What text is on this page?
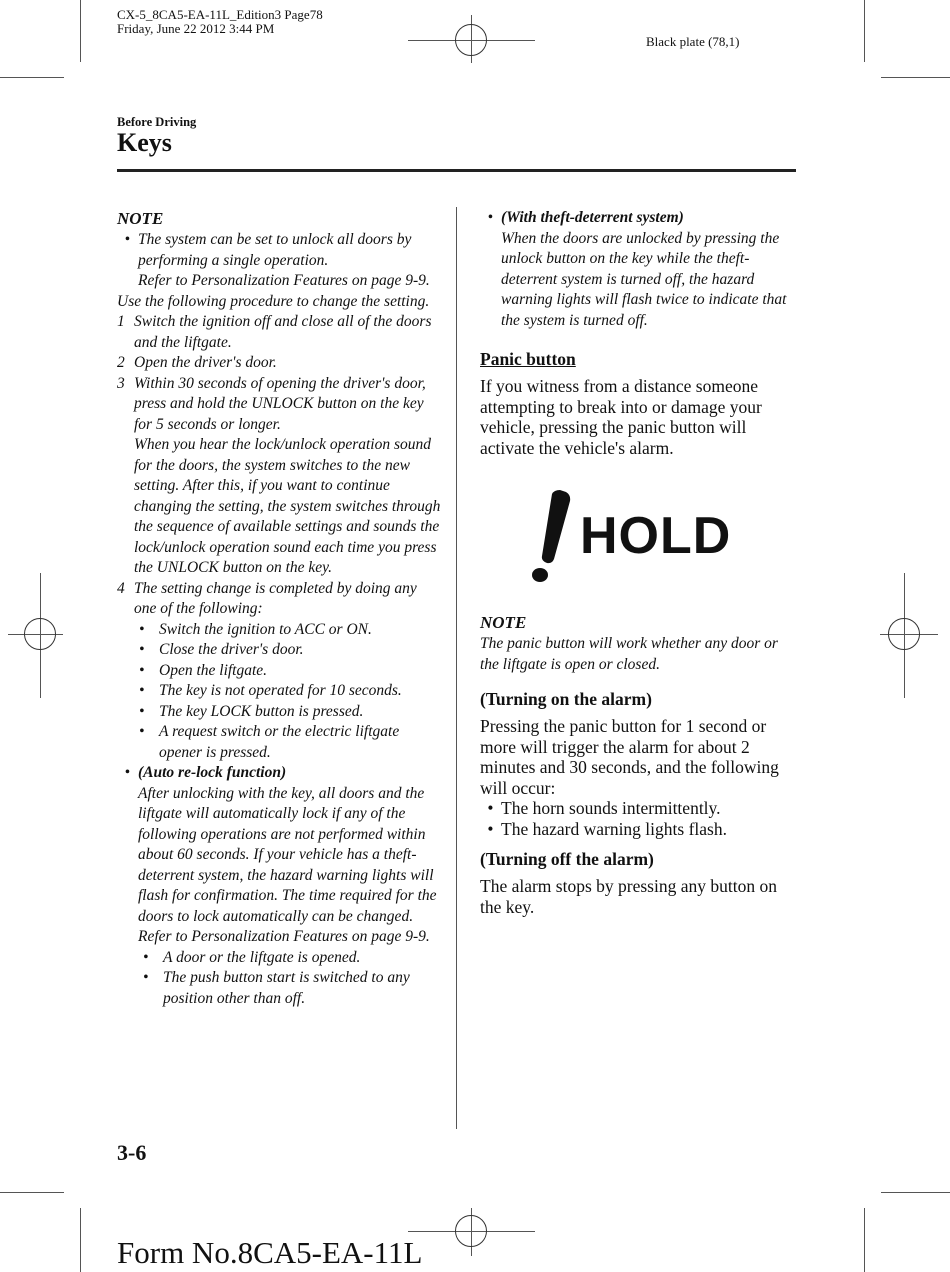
CX-5_8CA5-EA-11L_Edition3 Page78
Friday, June 22 2012 3:44 PM
Black plate (78,1)
Before Driving
Keys

NOTE

• The system can be set to unlock all doors by performing a single operation.

Refer to Personalization Features on page 9-9.

Use the following procedure to change the setting.

1 Switch the ignition off and close all of the doors and the liftgate.
2 Open the driver's door.
3 Within 30 seconds of opening the driver's door, press and hold the UNLOCK button on the key for 5 seconds or longer.

When you hear the lock/unlock operation sound for the doors, the system switches to the new setting. After this, if you want to continue changing the setting, the system switches through the sequence of available settings and sounds the lock/unlock operation sound each time you press the UNLOCK button on the key.

4 The setting change is completed by doing any one of the following:
• Switch the ignition to ACC or ON.
• Close the driver's door.
• Open the liftgate.
• The key is not operated for 10 seconds.
• The key LOCK button is pressed.
• A request switch or the electric liftgate opener is pressed.
• (Auto re-lock function)

After unlocking with the key, all doors and the liftgate will automatically lock if any of the following operations are not performed within about 60 seconds. If your vehicle has a theft-deterrent system, the hazard warning lights will flash for confirmation. The time required for the doors to lock automatically can be changed.

Refer to Personalization Features on page 9-9.

• A door or the liftgate is opened.
• The push button start is switched to any position other than off.
• (With theft-deterrent system)

When the doors are unlocked by pressing the unlock button on the key while the theft-deterrent system is turned off, the hazard warning lights will flash twice to indicate that the system is turned off.

Panic button

If you witness from a distance someone attempting to break into or damage your vehicle, pressing the panic button will activate the vehicle's alarm.

HOLD

NOTE

The panic button will work whether any door or the liftgate is open or closed.

(Turning on the alarm)

Pressing the panic button for 1 second or more will trigger the alarm for about 2 minutes and 30 seconds, and the following will occur:

• The horn sounds intermittently.
• The hazard warning lights flash.

(Turning off the alarm)

The alarm stops by pressing any button on the key.

3-6
Form No.8CA5-EA-11L
